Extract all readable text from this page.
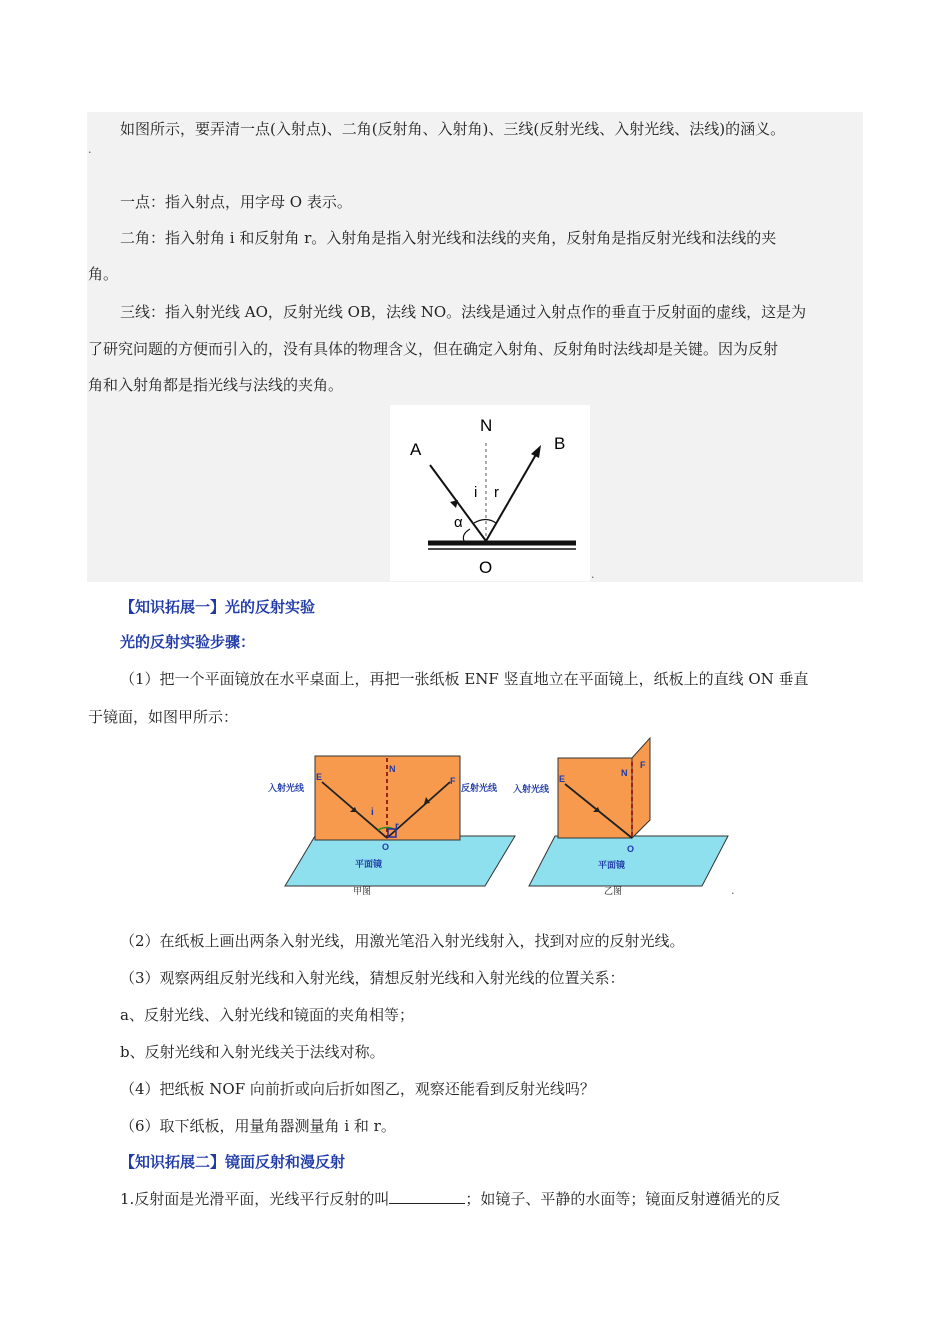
如图所示，要弄清一点(入射点)、二角(反射角、入射角)、三线(反射光线、入射光线、法线)的涵义。
.
一点：指入射点，用字母 O 表示。
二角：指入射角 i 和反射角 r。入射角是指入射光线和法线的夹角，反射角是指反射光线和法线的夹
角。
三线：指入射光线 AO，反射光线 OB，法线 NO。法线是通过入射点作的垂直于反射面的虚线，这是为
了研究问题的方便而引入的，没有具体的物理含义，但在确定入射角、反射角时法线却是关键。因为反射
角和入射角都是指光线与法线的夹角。
A	B
N
O
i r
α
.
【知识拓展一】光的反射实验
光的反射实验步骤：
（1）把一个平面镜放在水平桌面上，再把一张纸板 ENF 竖直地立在平面镜上，纸板上的直线 ON 垂直
于镜面，如图甲所示：
入射光线	反射光线
E
N
F
i
r
O
平面镜
甲图
入射光线
E
N
F
O
平面镜
乙图	.
（2）在纸板上画出两条入射光线，用激光笔沿入射光线射入，找到对应的反射光线。
（3）观察两组反射光线和入射光线，猜想反射光线和入射光线的位置关系：
a、反射光线、入射光线和镜面的夹角相等；
b、反射光线和入射光线关于法线对称。
（4）把纸板 NOF 向前折或向后折如图乙，观察还能看到反射光线吗？
（6）取下纸板，用量角器测量角 i 和 r。
【知识拓展二】镜面反射和漫反射
1.反射面是光滑平面，光线平行反射的叫	；如镜子、平静的水面等；镜面反射遵循光的反
